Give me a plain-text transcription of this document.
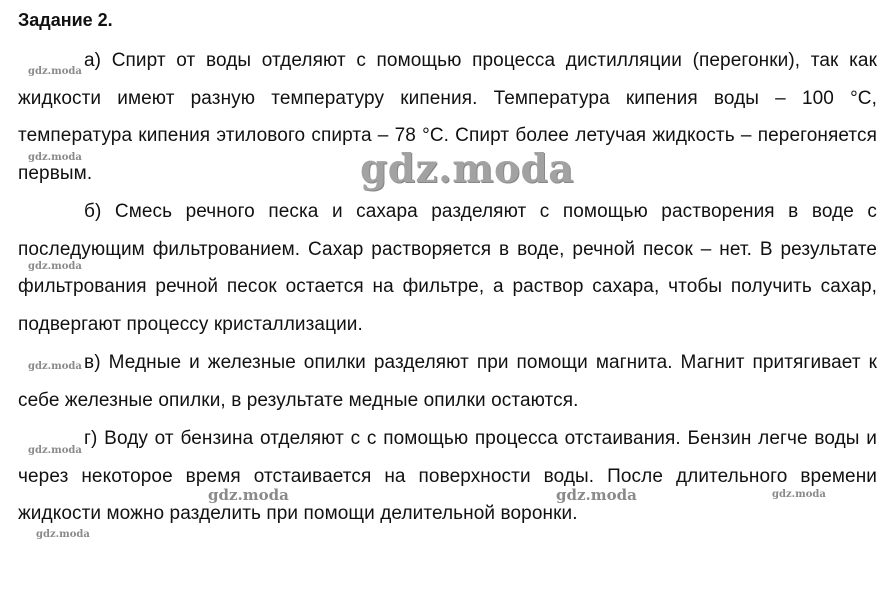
Задание 2.
а) Спирт от воды отделяют с помощью процесса дистилляции (перегонки), так как жидкости имеют разную температуру кипения. Температура кипения воды – 100 °С, температура кипения этилового спирта – 78 °С. Спирт более летучая жидкость – перегоняется первым.
б) Смесь речного песка и сахара разделяют с помощью растворения в воде с последующим фильтрованием. Сахар растворяется в воде, речной песок – нет. В результате фильтрования речной песок остается на фильтре, а раствор сахара, чтобы получить сахар, подвергают процессу кристаллизации.
в) Медные и железные опилки разделяют при помощи магнита. Магнит притягивает к себе железные опилки, в результате медные опилки остаются.
г) Воду от бензина отделяют с с помощью процесса отстаивания. Бензин легче воды и через некоторое время отстаивается на поверхности воды. После длительного времени жидкости можно разделить при помощи делительной воронки.
gdz.moda
gdz.moda
gdz.moda
gdz.moda
gdz.moda
gdz.moda
gdz.moda
gdz.moda
gdz.moda	gdz.moda
